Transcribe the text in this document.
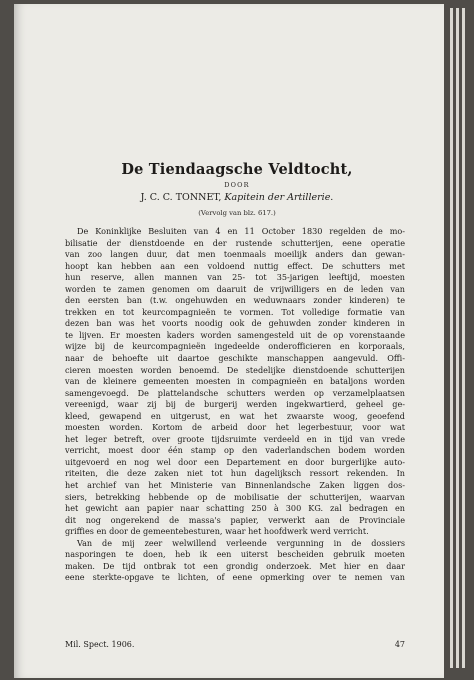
De Tiendaagsche Veldtocht,
DOOR
J. C. C. TONNET, Kapitein der Artillerie.
(Vervolg van blz. 617.)
De Koninklijke Besluiten van 4 en 11 October 1830 regelden de mo-
bilisatie der dienstdoende en der rustende schutterijen, eene operatie
van zoo langen duur, dat men toenmaals moeilijk anders dan gewan-
hoopt kan hebben aan een voldoend nuttig effect. De schutters met
hun reserve, allen mannen van 25- tot 35-jarigen leeftijd, moesten
worden te zamen genomen om daaruit de vrijwilligers en de leden van
den eersten ban (t.w. ongehuwden en weduwnaars zonder kinderen) te
trekken en tot keurcompagnieën te vormen. Tot volledige formatie van
dezen ban was het voorts noodig ook de gehuwden zonder kinderen in
te lijven. Er moesten kaders worden samengesteld uit de op vorenstaande
wijze bij de keurcompagnieën ingedeelde onderofficieren en korporaals,
naar de behoefte uit daartoe geschikte manschappen aangevuld. Offi-
cieren moesten worden benoemd. De stedelijke dienstdoende schutterijen
van de kleinere gemeenten moesten in compagnieën en bataljons worden
samengevoegd. De plattelandsche schutters werden op verzamelplaatsen
vereenigd, waar zij bij de burgerij werden ingekwartierd, geheel ge-
kleed, gewapend en uitgerust, en wat het zwaarste woog, geoefend
moesten worden. Kortom de arbeid door het legerbestuur, voor wat
het leger betreft, over groote tijdsruimte verdeeld en in tijd van vrede
verricht, moest door één stamp op den vaderlandschen bodem worden
uitgevoerd en nog wel door een Departement en door burgerlijke auto-
riteiten, die deze zaken niet tot hun dagelijksch ressort rekenden. In
het archief van het Ministerie van Binnenlandsche Zaken liggen dos-
siers, betrekking hebbende op de mobilisatie der schutterijen, waarvan
het gewicht aan papier naar schatting 250 à 300 KG. zal bedragen en
dit nog ongerekend de massa's papier, verwerkt aan de Provinciale
griffies en door de gemeentebesturen, waar het hoofdwerk werd verricht.
Van de mij zeer welwillend verleende vergunning in de dossiers
nasporingen te doen, heb ik een uiterst bescheiden gebruik moeten
maken. De tijd ontbrak tot een grondig onderzoek. Met hier en daar
eene sterkte-opgave te lichten, of eene opmerking over te nemen van
Mil. Spect. 1906.	47
